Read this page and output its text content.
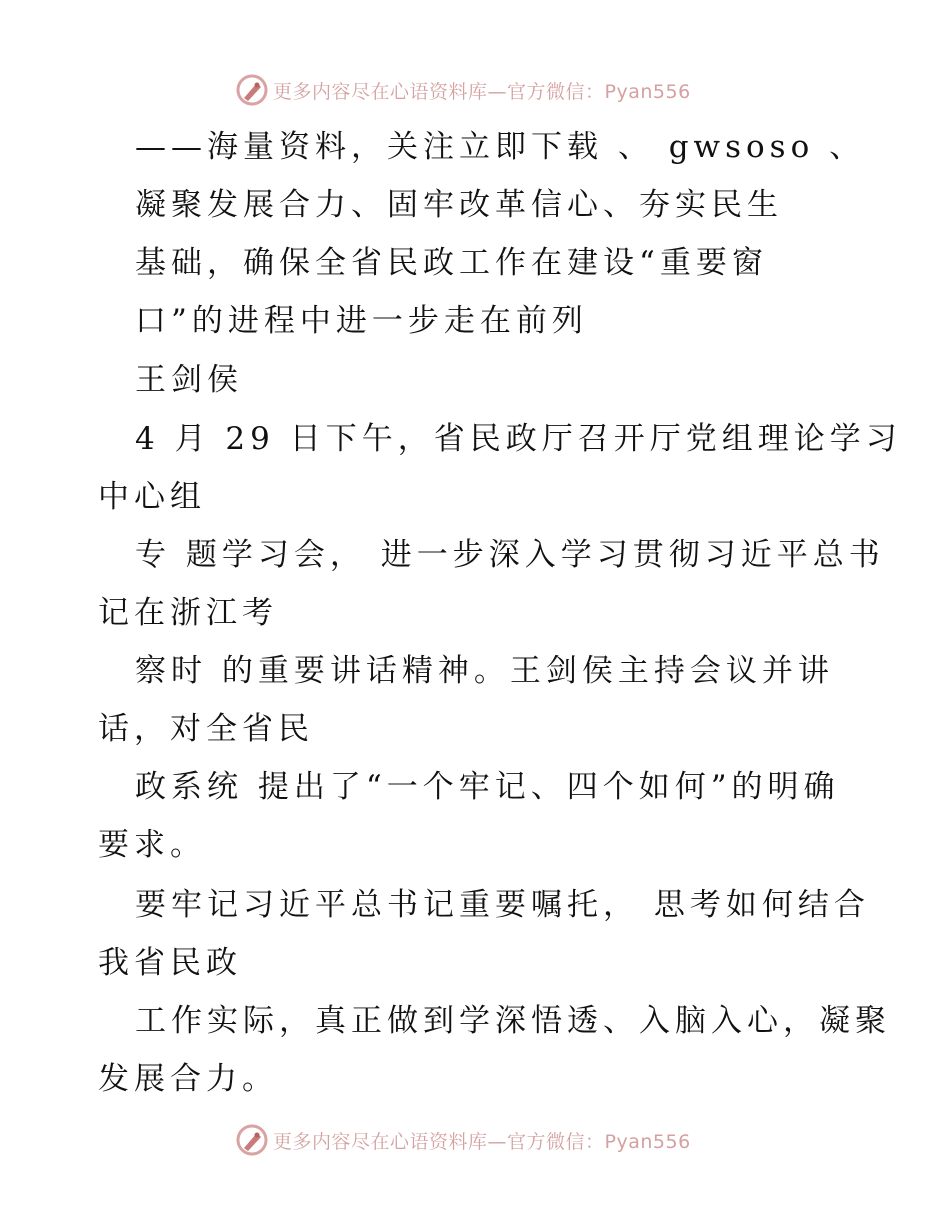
更多内容尽在心语资料库—官方微信：Pyan556
——海量资料，关注立即下载 、 gwsoso 、
凝聚发展合力、固牢改革信心、夯实民生
基础，确保全省民政工作在建设“重要窗
口”的进程中进一步走在前列
王剑侯
4 月 29 日下午，省民政厅召开厅党组理论学习
中心组
专 题学习会， 进一步深入学习贯彻习近平总书
记在浙江考
察时 的重要讲话精神。王剑侯主持会议并讲
话，对全省民
政系统 提出了“一个牢记、四个如何”的明确
要求。
要牢记习近平总书记重要嘱托， 思考如何结合
我省民政
工作实际，真正做到学深悟透、入脑入心，凝聚
发展合力。
更多内容尽在心语资料库—官方微信：Pyan556
